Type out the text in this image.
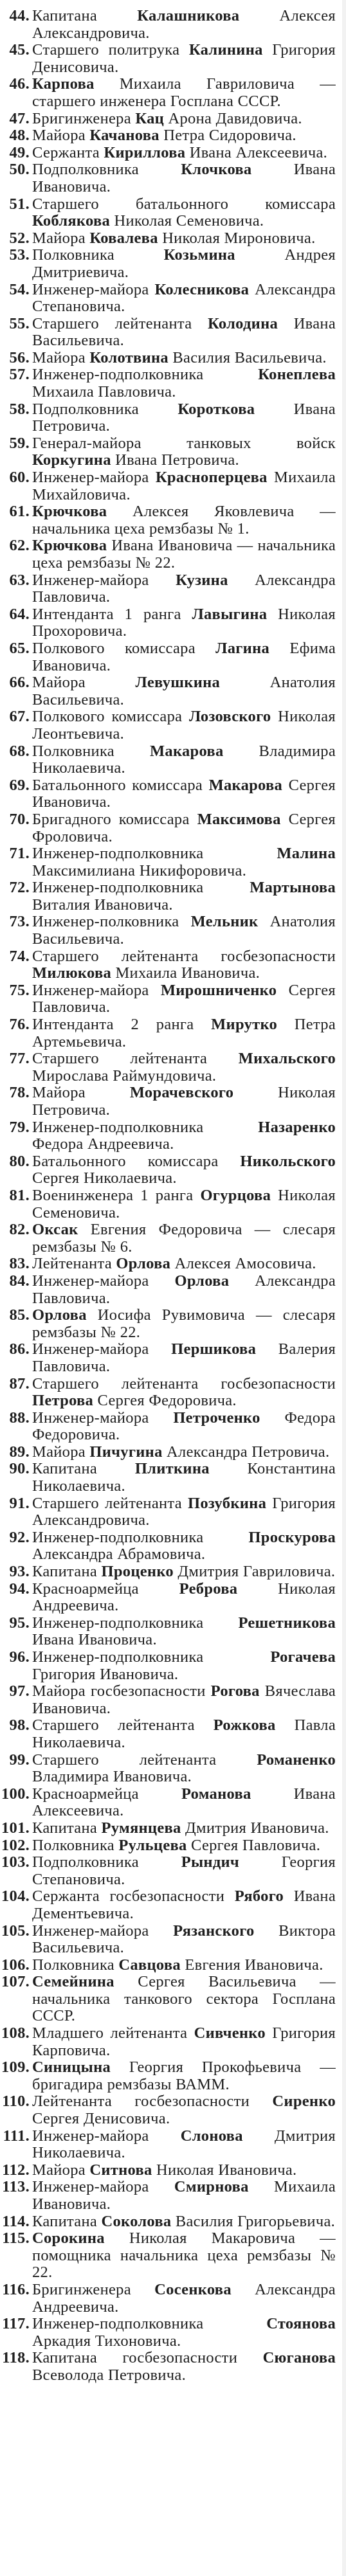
44. Капитана Калашникова Алексея Александровича.
45. Старшего политрука Калинина Григория Денисовича.
46. Карпова Михаила Гавриловича — старшего инженера Госплана СССР.
47. Бригинженера Кац Арона Давидовича.
48. Майора Качанова Петра Сидоровича.
49. Сержанта Кириллова Ивана Алексеевича.
50. Подполковника Клочкова Ивана Ивановича.
51. Старшего батальонного комиссара Коблякова Николая Семеновича.
52. Майора Ковалева Николая Мироновича.
53. Полковника Козьмина Андрея Дмитриевича.
54. Инженер-майора Колесникова Александра Степановича.
55. Старшего лейтенанта Колодина Ивана Васильевича.
56. Майора Колотвина Василия Васильевича.
57. Инженер-подполковника Конеплева Михаила Павловича.
58. Подполковника Короткова Ивана Петровича.
59. Генерал-майора танковых войск Коркугина Ивана Петровича.
60. Инженер-майора Красноперцева Михаила Михайловича.
61. Крючкова Алексея Яковлевича — начальника цеха ремзбазы № 1.
62. Крючкова Ивана Ивановича — начальника цеха ремзбазы № 22.
63. Инженер-майора Кузина Александра Павловича.
64. Интенданта 1 ранга Лавыгина Николая Прохоровича.
65. Полкового комиссара Лагина Ефима Ивановича.
66. Майора Левушкина Анатолия Васильевича.
67. Полкового комиссара Лозовского Николая Леонтьевича.
68. Полковника Макарова Владимира Николаевича.
69. Батальонного комиссара Макарова Сергея Ивановича.
70. Бригадного комиссара Максимова Сергея Фроловича.
71. Инженер-подполковника Малина Максимилиана Никифоровича.
72. Инженер-подполковника Мартынова Виталия Ивановича.
73. Инженер-полковника Мельник Анатолия Васильевича.
74. Старшего лейтенанта госбезопасности Милюкова Михаила Ивановича.
75. Инженер-майора Мирошниченко Сергея Павловича.
76. Интенданта 2 ранга Мирутко Петра Артемьевича.
77. Старшего лейтенанта Михальского Мирослава Раймундовича.
78. Майора Морачевского Николая Петровича.
79. Инженер-подполковника Назаренко Федора Андреевича.
80. Батальонного комиссара Никольского Сергея Николаевича.
81. Военинженера 1 ранга Огурцова Николая Семеновича.
82. Оксак Евгения Федоровича — слесаря ремзбазы № 6.
83. Лейтенанта Орлова Алексея Амосовича.
84. Инженер-майора Орлова Александра Павловича.
85. Орлова Иосифа Рувимовича — слесаря ремзбазы № 22.
86. Инженер-майора Першикова Валерия Павловича.
87. Старшего лейтенанта госбезопасности Петрова Сергея Федоровича.
88. Инженер-майора Петроченко Федора Федоровича.
89. Майора Пичугина Александра Петровича.
90. Капитана Плиткина Константина Николаевича.
91. Старшего лейтенанта Позубкина Григория Александровича.
92. Инженер-подполковника Проскурова Александра Абрамовича.
93. Капитана Проценко Дмитрия Гавриловича.
94. Красноармейца Реброва Николая Андреевича.
95. Инженер-подполковника Решетникова Ивана Ивановича.
96. Инженер-подполковника Рогачева Григория Ивановича.
97. Майора госбезопасности Рогова Вячеслава Ивановича.
98. Старшего лейтенанта Рожкова Павла Николаевича.
99. Старшего лейтенанта Романенко Владимира Ивановича.
100. Красноармейца Романова Ивана Алексеевича.
101. Капитана Румянцева Дмитрия Ивановича.
102. Полковника Рульцева Сергея Павловича.
103. Подполковника Рындич Георгия Степановича.
104. Сержанта госбезопасности Рябого Ивана Дементьевича.
105. Инженер-майора Рязанского Виктора Васильевича.
106. Полковника Савцова Евгения Ивановича.
107. Семейнина Сергея Васильевича — начальника танкового сектора Госплана СССР.
108. Младшего лейтенанта Сивченко Григория Карповича.
109. Синицына Георгия Прокофьевича — бригадира ремзбазы ВАММ.
110. Лейтенанта госбезопасности Сиренко Сергея Денисовича.
111. Инженер-майора Слонова Дмитрия Николаевича.
112. Майора Ситнова Николая Ивановича.
113. Инженер-майора Смирнова Михаила Ивановича.
114. Капитана Соколова Василия Григорьевича.
115. Сорокина Николая Макаровича — помощника начальника цеха ремзбазы № 22.
116. Бригинженера Сосенкова Александра Андреевича.
117. Инженер-подполковника Стоянова Аркадия Тихоновича.
118. Капитана госбезопасности Сюганова Всеволода Петровича.
